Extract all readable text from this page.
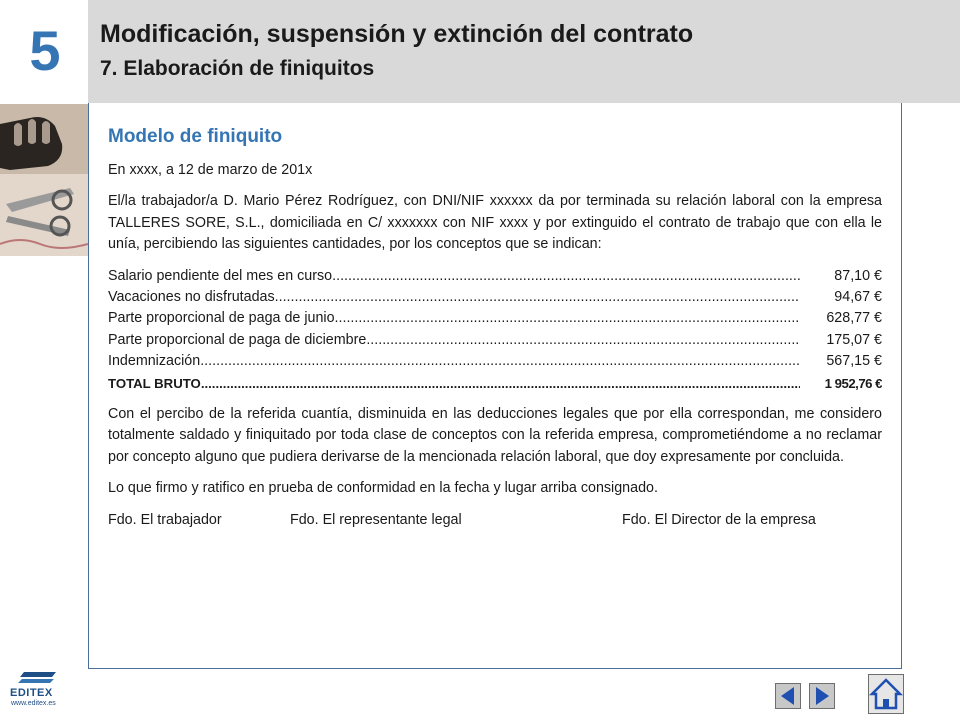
5	Modificación, suspensión y extinción del contrato
7. Elaboración de finiquitos
Modelo de finiquito
En xxxx, a 12 de marzo de 201x
El/la trabajador/a D. Mario Pérez Rodríguez, con DNI/NIF xxxxxx da por terminada su relación laboral con la empresa TALLERES SORE, S.L., domiciliada en C/ xxxxxxx con NIF xxxx y por extinguido el contrato de trabajo que con ella le unía, percibiendo las siguientes cantidades, por los conceptos que se indican:
Salario pendiente del mes en curso .....	87,10 €
Vacaciones no disfrutadas .....	94,67 €
Parte proporcional de paga de junio .....	628,77 €
Parte proporcional de paga de diciembre .....	175,07 €
Indemnización .....	567,15 €
TOTAL BRUTO .....	1 952,76 €
Con el percibo de la referida cuantía, disminuida en las deducciones legales que por ella correspondan, me considero totalmente saldado y finiquitado por toda clase de conceptos con la referida empresa, comprometiéndome a no reclamar por concepto alguno que pudiera derivarse de la mencionada relación laboral, que doy expresamente por concluida.
Lo que firmo y ratifico en prueba de conformidad en la fecha y lugar arriba consignado.
Fdo. El trabajador	Fdo. El representante legal	Fdo. El Director de la empresa
EDITEX
www.editex.es
